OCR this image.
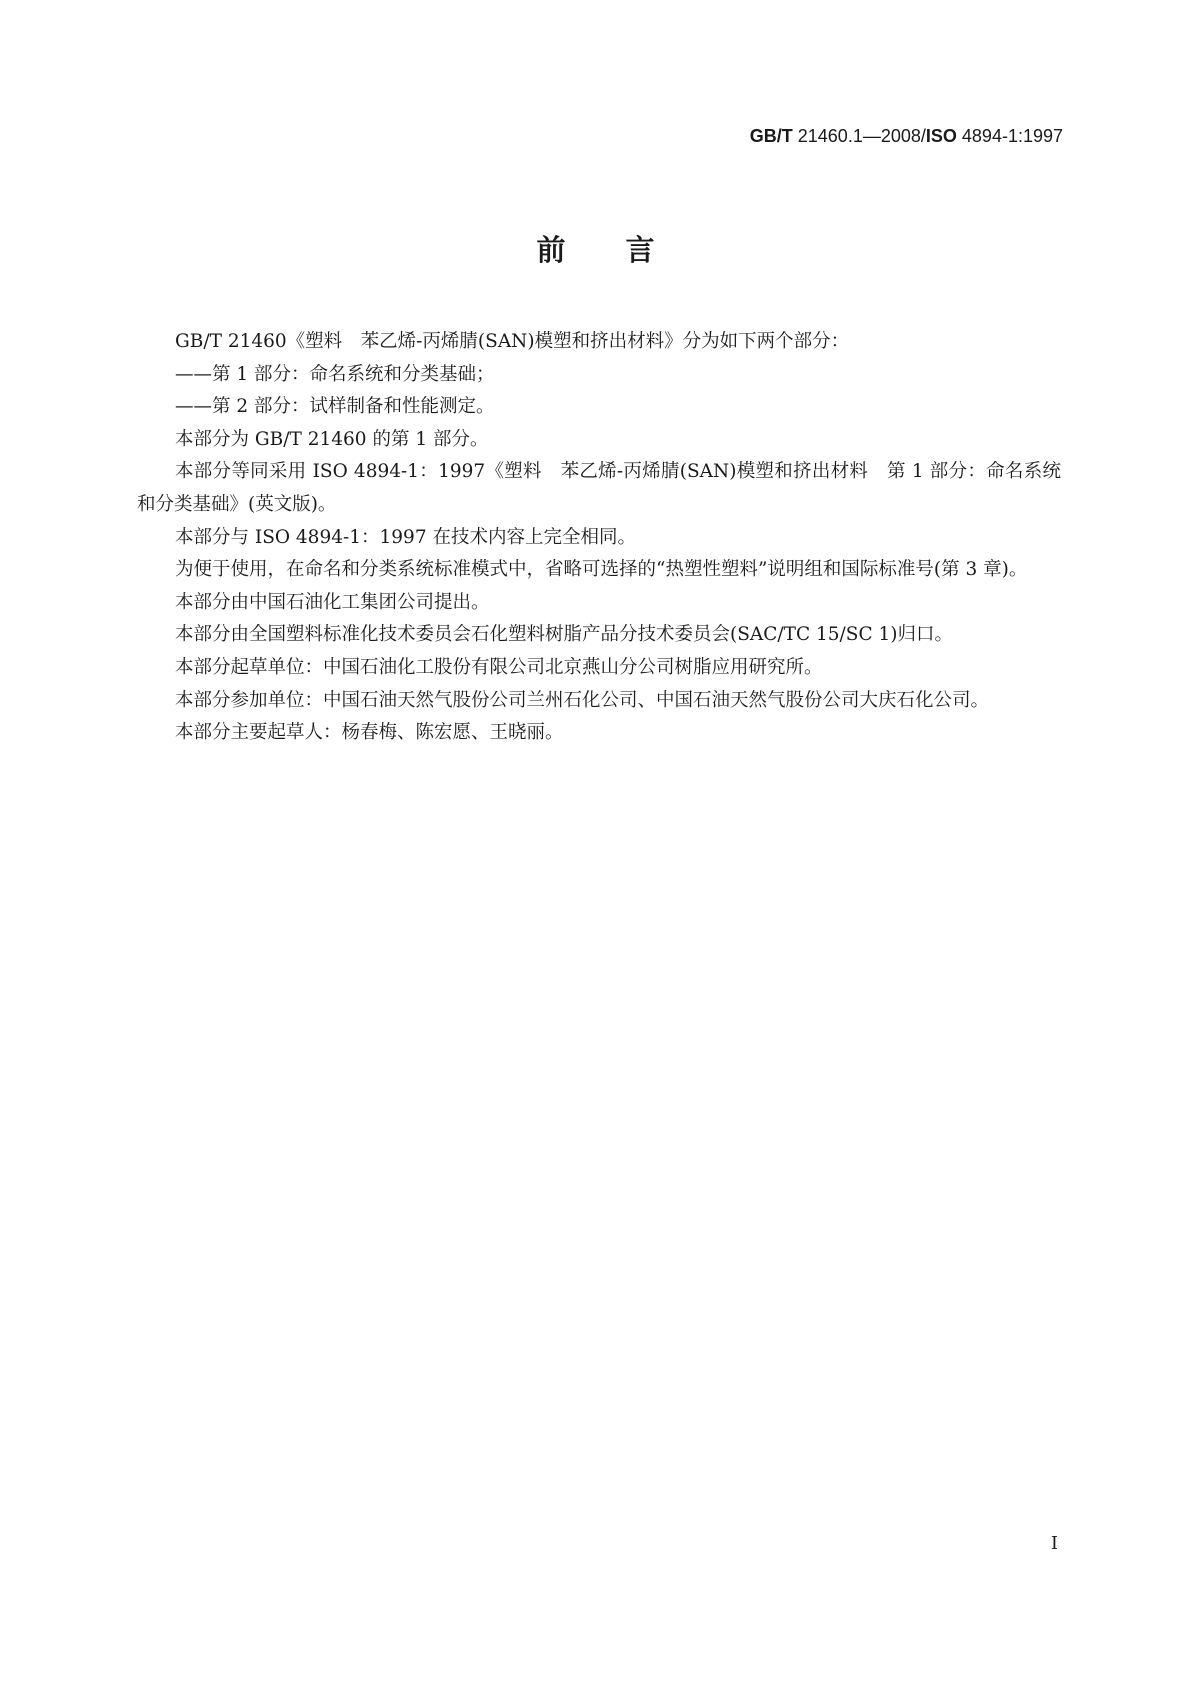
GB/T 21460.1—2008/ISO 4894-1:1997
前言

GB/T 21460《塑料　苯乙烯-丙烯腈(SAN)模塑和挤出材料》分为如下两个部分：

——第 1 部分：命名系统和分类基础；

——第 2 部分：试样制备和性能测定。

本部分为 GB/T 21460 的第 1 部分。

本部分等同采用 ISO 4894-1：1997《塑料　苯乙烯-丙烯腈(SAN)模塑和挤出材料　第 1 部分：命名系统和分类基础》(英文版)。

本部分与 ISO 4894-1：1997 在技术内容上完全相同。

为便于使用，在命名和分类系统标准模式中，省略可选择的“热塑性塑料”说明组和国际标准号(第 3 章)。

本部分由中国石油化工集团公司提出。

本部分由全国塑料标准化技术委员会石化塑料树脂产品分技术委员会(SAC/TC 15/SC 1)归口。

本部分起草单位：中国石油化工股份有限公司北京燕山分公司树脂应用研究所。

本部分参加单位：中国石油天然气股份公司兰州石化公司、中国石油天然气股份公司大庆石化公司。

本部分主要起草人：杨春梅、陈宏愿、王晓丽。

I
